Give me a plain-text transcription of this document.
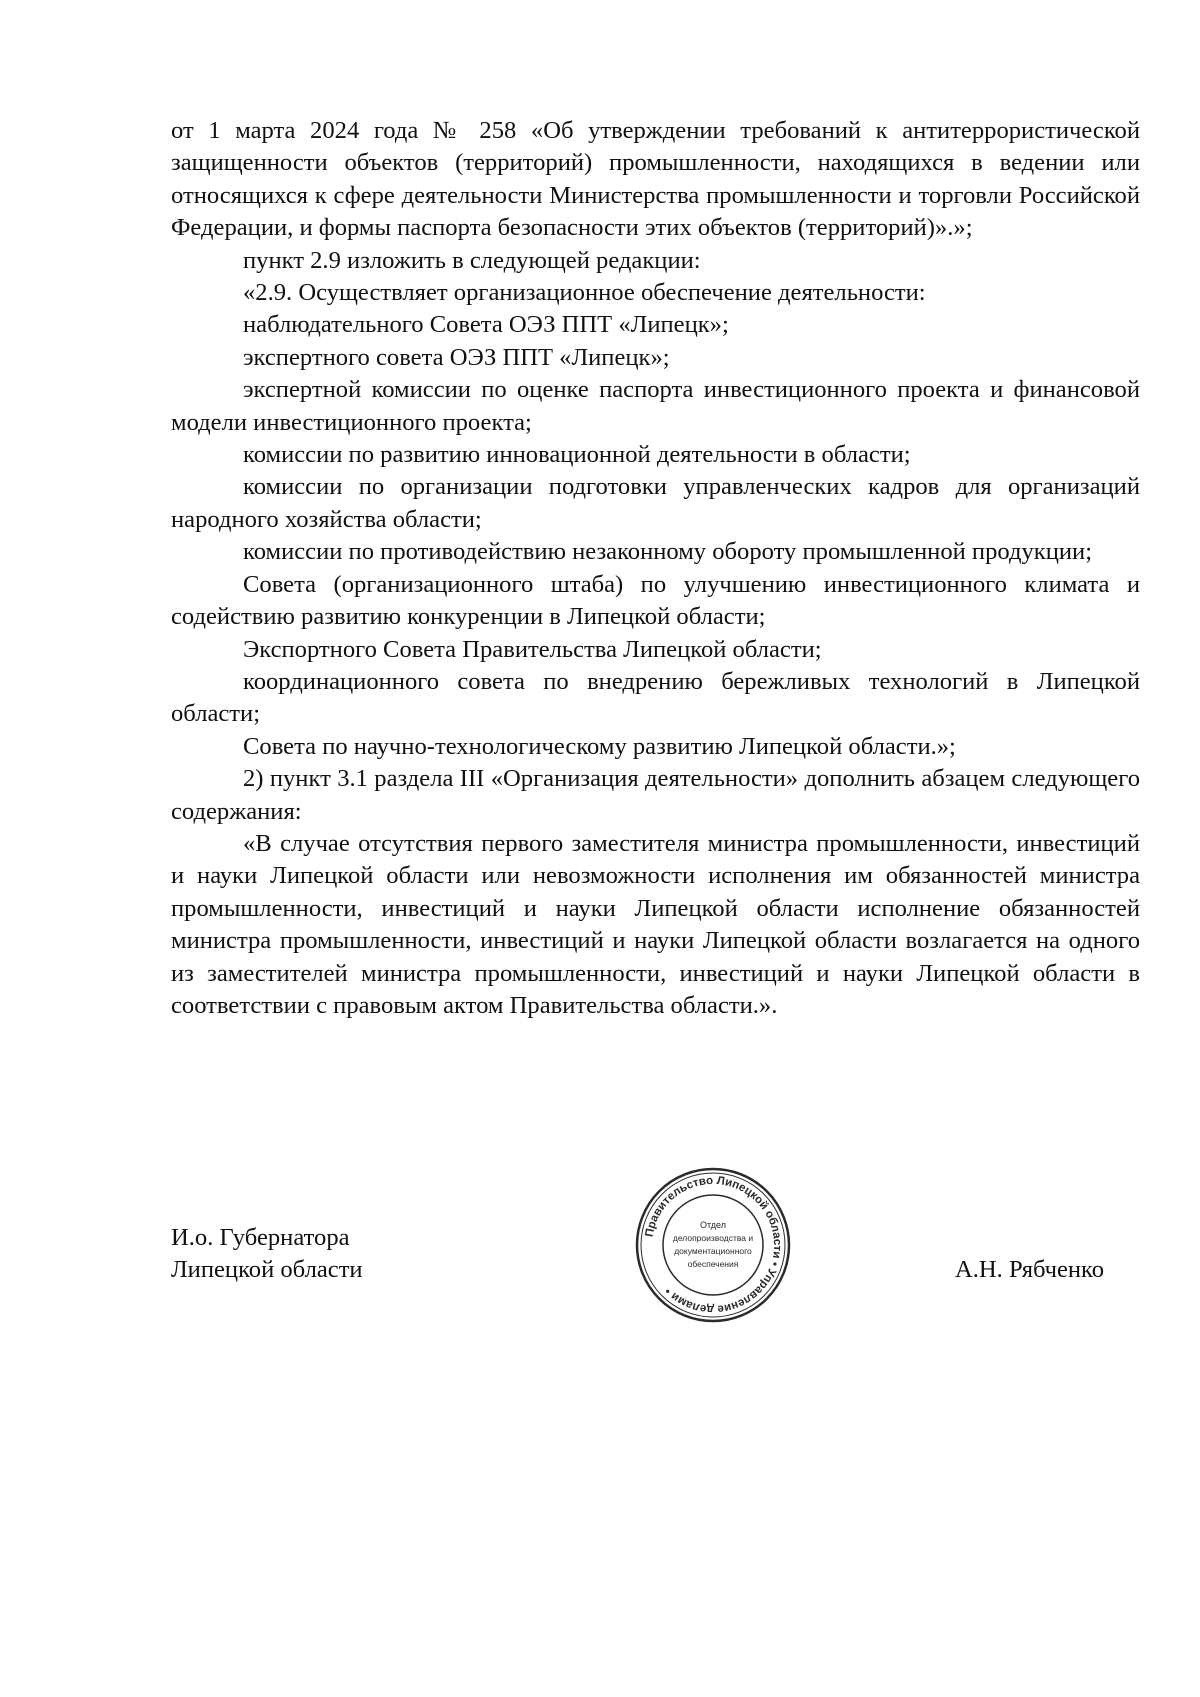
от 1 марта 2024 года № 258 «Об утверждении требований к антитеррористической защищенности объектов (территорий) промышленности, находящихся в ведении или относящихся к сфере деятельности Министерства промышленности и торговли Российской Федерации, и формы паспорта безопасности этих объектов (территорий)».»;

пункт 2.9 изложить в следующей редакции:

«2.9. Осуществляет организационное обеспечение деятельности:

наблюдательного Совета ОЭЗ ППТ «Липецк»;

экспертного совета ОЭЗ ППТ «Липецк»;

экспертной комиссии по оценке паспорта инвестиционного проекта и финансовой модели инвестиционного проекта;

комиссии по развитию инновационной деятельности в области;

комиссии по организации подготовки управленческих кадров для организаций народного хозяйства области;

комиссии по противодействию незаконному обороту промышленной продукции;

Совета (организационного штаба) по улучшению инвестиционного климата и содействию развитию конкуренции в Липецкой области;

Экспортного Совета Правительства Липецкой области;

координационного совета по внедрению бережливых технологий в Липецкой области;

Совета по научно-технологическому развитию Липецкой области.»;

2) пункт 3.1 раздела III «Организация деятельности» дополнить абзацем следующего содержания:

«В случае отсутствия первого заместителя министра промышленности, инвестиций и науки Липецкой области или невозможности исполнения им обязанностей министра промышленности, инвестиций и науки Липецкой области исполнение обязанностей министра промышленности, инвестиций и науки Липецкой области возлагается на одного из заместителей министра промышленности, инвестиций и науки Липецкой области в соответствии с правовым актом Правительства области.».

И.о. Губернатора
Липецкой области
Правительство Липецкой области • Управление делами •
Отдел
делопроизводства и
документационного
обеспечения	А.Н. Рябченко
